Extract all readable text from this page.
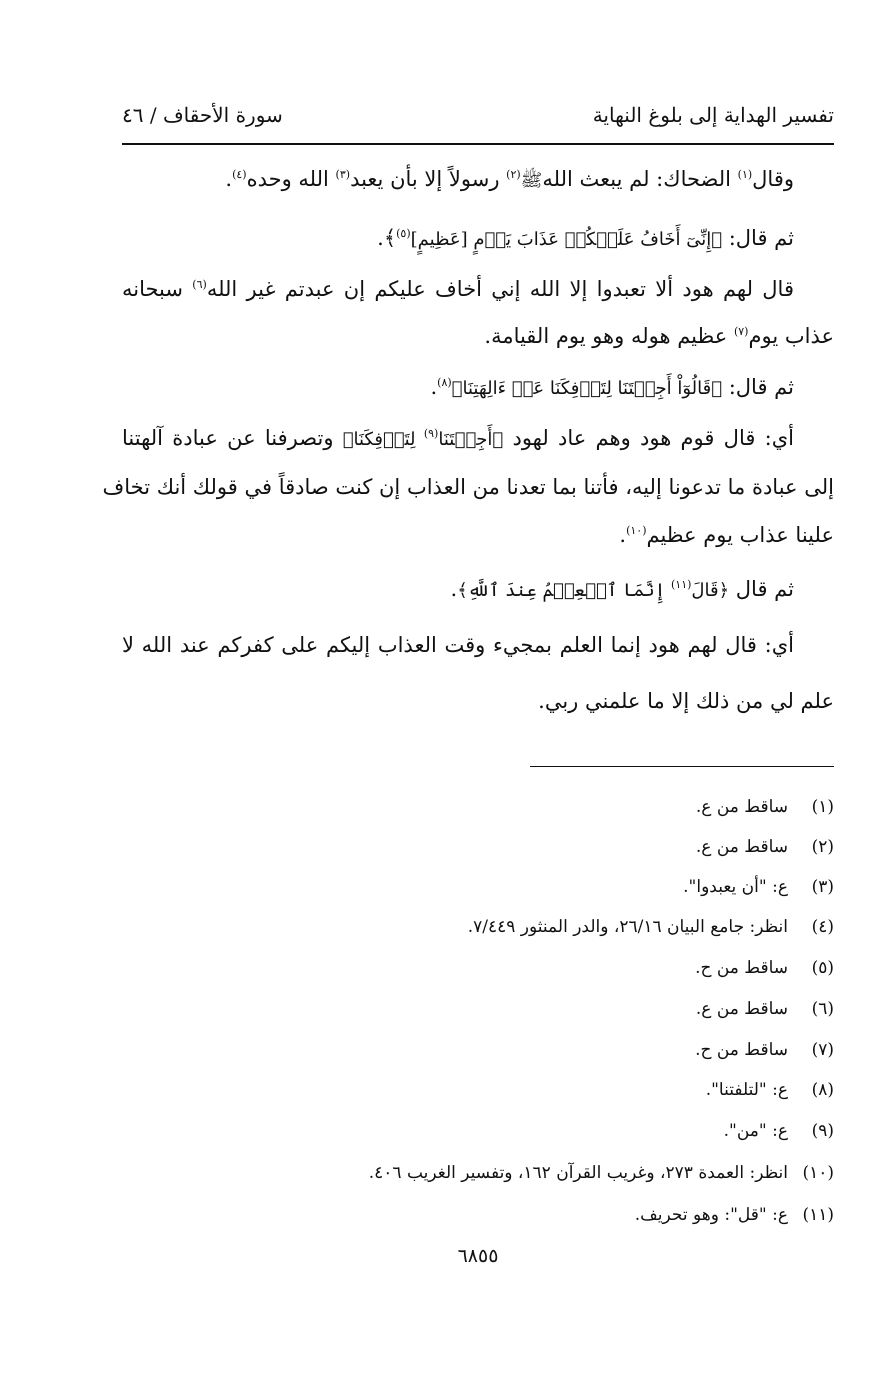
تفسير الهداية إلى بلوغ النهاية
سورة الأحقاف / ٤٦
وقال$^{(١)}$ الضحاك: لم يبعث اللهﷺ$^{(٢)}$ رسولاً إلا بأن يعبد$^{(٣)}$ الله وحده$^{(٤)}$.
ثم قال: ﴿إِنِّىٓ أَخَافُ عَلَيۡكُمۡ عَذَابَ يَوۡمٍ [عَظِيمٍ]$^{(٥)}$﴾.
قال لهم هود ألا تعبدوا إلا الله إني أخاف عليكم إن عبدتم غير الله$^{(٦)}$ سبحانه
عذاب يوم$^{(٧)}$ عظيم هوله وهو يوم القيامة.
ثم قال: ﴿قَالُوٓاْ أَجِئۡتَنَا لِتَأۡفِكَنَا عَنۡ ءَالِهَتِنَا﴾$^{(٨)}$.
أي: قال قوم هود وهم عاد لهود ﴿أَجِئۡتَنَا$^{(٩)}$ لِتَأۡفِكَنَا﴾ وتصرفنا عن عبادة آلهتنا
إلى عبادة ما تدعونا إليه، فأتنا بما تعدنا من العذاب إن كنت صادقاً في قولك أنك تخاف
علينا عذاب يوم عظيم$^{(١٠)}$.
ثم قال ﴿قَالَ$^{(١١)}$ إِنَّمَا ٱلۡعِلۡمُ عِندَ ٱللَّهِ﴾.
أي: قال لهم هود إنما العلم بمجيء وقت العذاب إليكم على كفركم عند الله لا
علم لي من ذلك إلا ما علمني ربي.
(١)ساقط من ع.
(٢)ساقط من ع.
(٣)ع: "أن يعبدوا".
(٤)انظر: جامع البيان ٢٦/١٦، والدر المنثور ٧/٤٤٩.
(٥)ساقط من ح.
(٦)ساقط من ع.
(٧)ساقط من ح.
(٨)ع: "لتلفتنا".
(٩)ع: "من".
(١٠)انظر: العمدة ٢٧٣، وغريب القرآن ١٦٢، وتفسير الغريب ٤٠٦.
(١١)ع: "قل": وهو تحريف.
٦٨٥٥
